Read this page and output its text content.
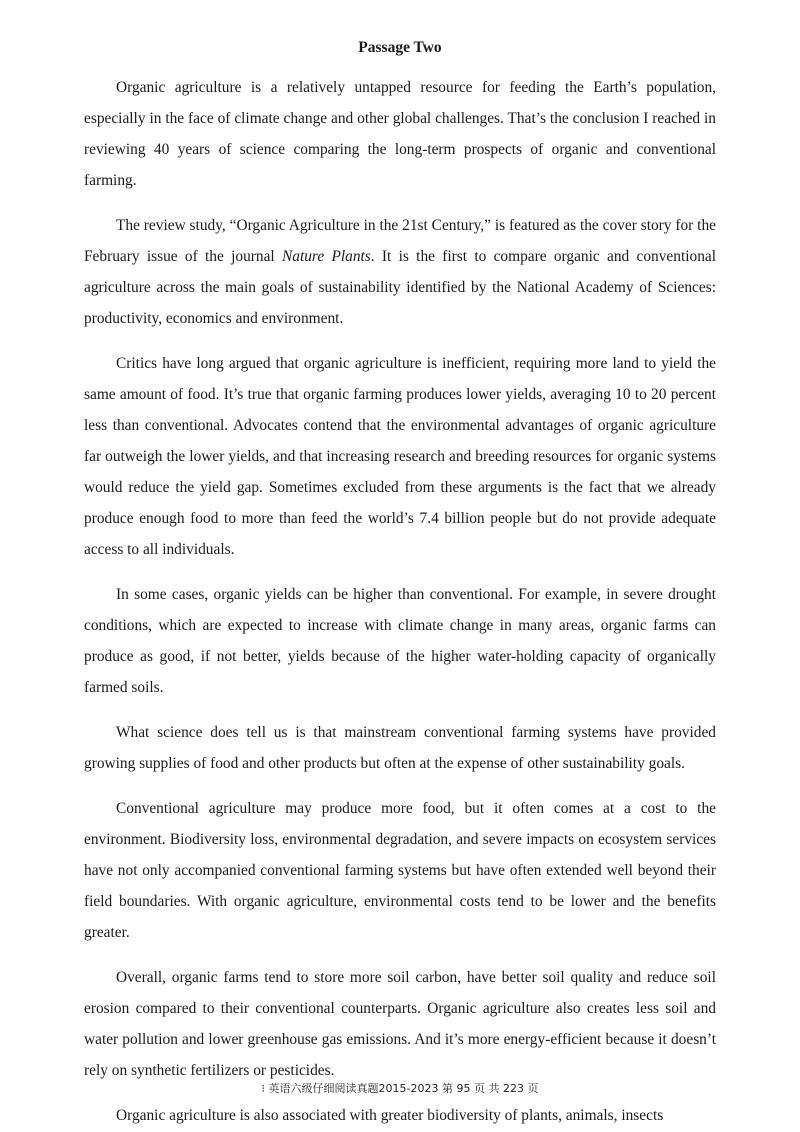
Passage Two

Organic agriculture is a relatively untapped resource for feeding the Earth’s population, especially in the face of climate change and other global challenges. That’s the conclusion I reached in reviewing 40 years of science comparing the long-term prospects of organic and conventional farming.

The review study, “Organic Agriculture in the 21st Century,” is featured as the cover story for the February issue of the journal Nature Plants. It is the first to compare organic and conventional agriculture across the main goals of sustainability identified by the National Academy of Sciences: productivity, economics and environment.

Critics have long argued that organic agriculture is inefficient, requiring more land to yield the same amount of food. It’s true that organic farming produces lower yields, averaging 10 to 20 percent less than conventional. Advocates contend that the environmental advantages of organic agriculture far outweigh the lower yields, and that increasing research and breeding resources for organic systems would reduce the yield gap. Sometimes excluded from these arguments is the fact that we already produce enough food to more than feed the world’s 7.4 billion people but do not provide adequate access to all individuals.

In some cases, organic yields can be higher than conventional. For example, in severe drought conditions, which are expected to increase with climate change in many areas, organic farms can produce as good, if not better, yields because of the higher water-holding capacity of organically farmed soils.

What science does tell us is that mainstream conventional farming systems have provided growing supplies of food and other products but often at the expense of other sustainability goals.

Conventional agriculture may produce more food, but it often comes at a cost to the environment. Biodiversity loss, environmental degradation, and severe impacts on ecosystem services have not only accompanied conventional farming systems but have often extended well beyond their field boundaries. With organic agriculture, environmental costs tend to be lower and the benefits greater.

Overall, organic farms tend to store more soil carbon, have better soil quality and reduce soil erosion compared to their conventional counterparts. Organic agriculture also creates less soil and water pollution and lower greenhouse gas emissions. And it’s more energy-efficient because it doesn’t rely on synthetic fertilizers or pesticides.

Organic agriculture is also associated with greater biodiversity of plants, animals, insects

⁝ 英语六级仔细阅读真题2015-2023 第 95 页 共 223 页
